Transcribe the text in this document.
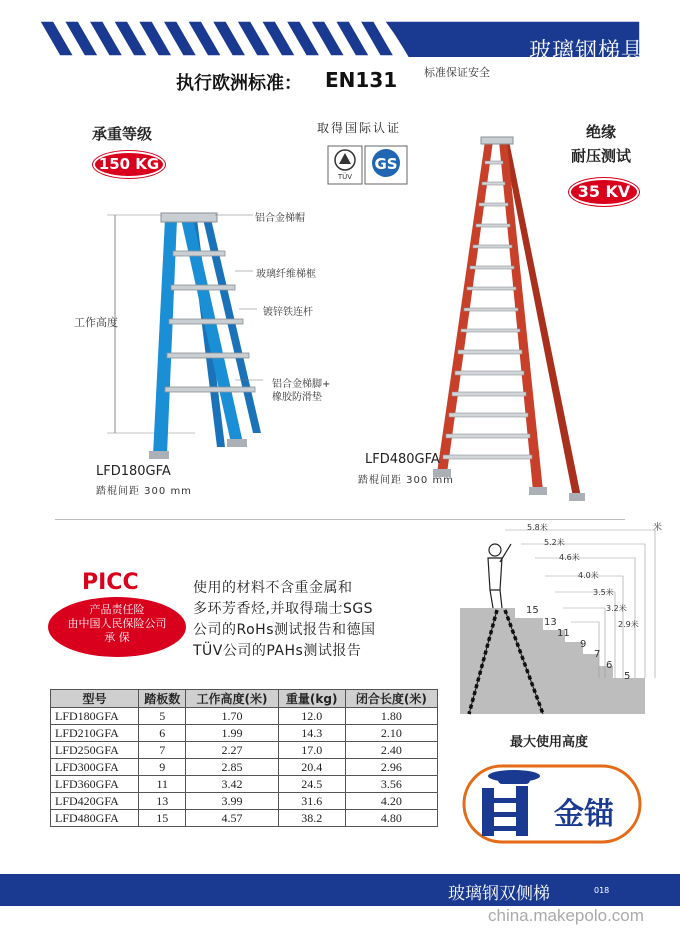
玻璃钢梯具
标准保证安全
执行欧洲标准： EN131
承重等级
150 KG
取得国际认证
TÜV
GS
绝缘
耐压测试
35 KV
铝合金梯帽
玻璃纤维梯框
镀锌铁连杆
铝合金梯脚+
橡胶防滑垫
工作高度
LFD180GFA
踏棍间距 300 mm
LFD480GFA
踏棍间距 300 mm
PICC
产品责任险
由中国人民保险公司
承 保
使用的材料不含重金属和
多环芳香烃,并取得瑞士SGS
公司的RoHs测试报告和德国
TÜV公司的PAHs测试报告
型号	踏板数	工作高度(米)	重量(kg)	闭合长度(米)
LFD180GFA	5	1.70	12.0	1.80
LFD210GFA	6	1.99	14.3	2.10
LFD250GFA	7	2.27	17.0	2.40
LFD300GFA	9	2.85	20.4	2.96
LFD360GFA	11	3.42	24.5	3.56
LFD420GFA	13	3.99	31.6	4.20
LFD480GFA	15	4.57	38.2	4.80
米
5.8米
5.2米
4.6米
4.0米
3.5米
3.2米
2.9米
15
13
11
9
7
6
5
最大使用高度
金锚
玻璃钢双侧梯	018
china.makepolo.com
